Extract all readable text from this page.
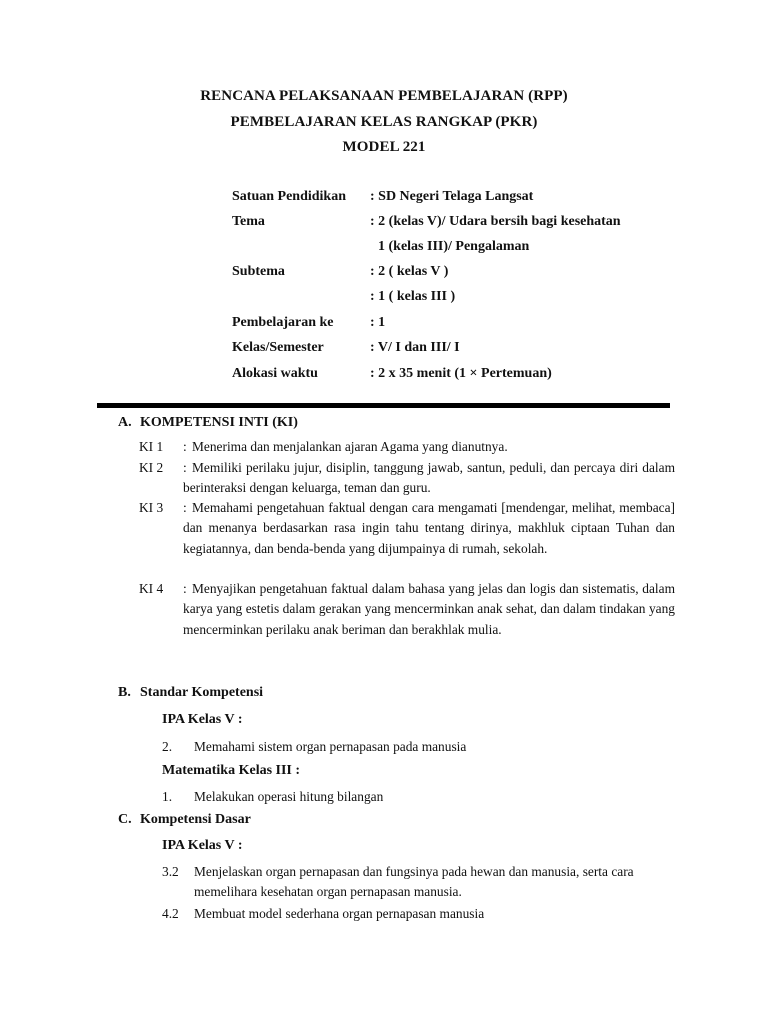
RENCANA PELAKSANAAN PEMBELAJARAN (RPP)
PEMBELAJARAN KELAS RANGKAP (PKR)
MODEL 221
Satuan Pendidikan : SD Negeri Telaga Langsat
Tema	: 2 (kelas V)/ Udara bersih bagi kesehatan
1 (kelas III)/ Pengalaman
Subtema	: 2 ( kelas V )
: 1 ( kelas III )
Pembelajaran ke	: 1
Kelas/Semester	: V/ I dan III/ I
Alokasi waktu	: 2 x 35 menit (1 × Pertemuan)
A. KOMPETENSI INTI (KI)
KI 1 : Menerima dan menjalankan ajaran Agama yang dianutnya.
KI 2 : Memiliki perilaku jujur, disiplin, tanggung jawab, santun, peduli, dan percaya diri dalam berinteraksi dengan keluarga, teman dan guru.
KI 3 : Memahami pengetahuan faktual dengan cara mengamati [mendengar, melihat, membaca] dan menanya berdasarkan rasa ingin tahu tentang dirinya, makhluk ciptaan Tuhan dan kegiatannya, dan benda-benda yang dijumpainya di rumah, sekolah.
KI 4 : Menyajikan pengetahuan faktual dalam bahasa yang jelas dan logis dan sistematis, dalam karya yang estetis dalam gerakan yang mencerminkan anak sehat, dan dalam tindakan yang mencerminkan perilaku anak beriman dan berakhlak mulia.
B. Standar Kompetensi
IPA Kelas V :
2. Memahami sistem organ pernapasan pada manusia
Matematika Kelas III :
1. Melakukan operasi hitung bilangan
C. Kompetensi Dasar
IPA Kelas V :
3.2 Menjelaskan organ pernapasan dan fungsinya pada hewan dan manusia, serta cara memelihara kesehatan organ pernapasan manusia.
4.2 Membuat model sederhana organ pernapasan manusia
